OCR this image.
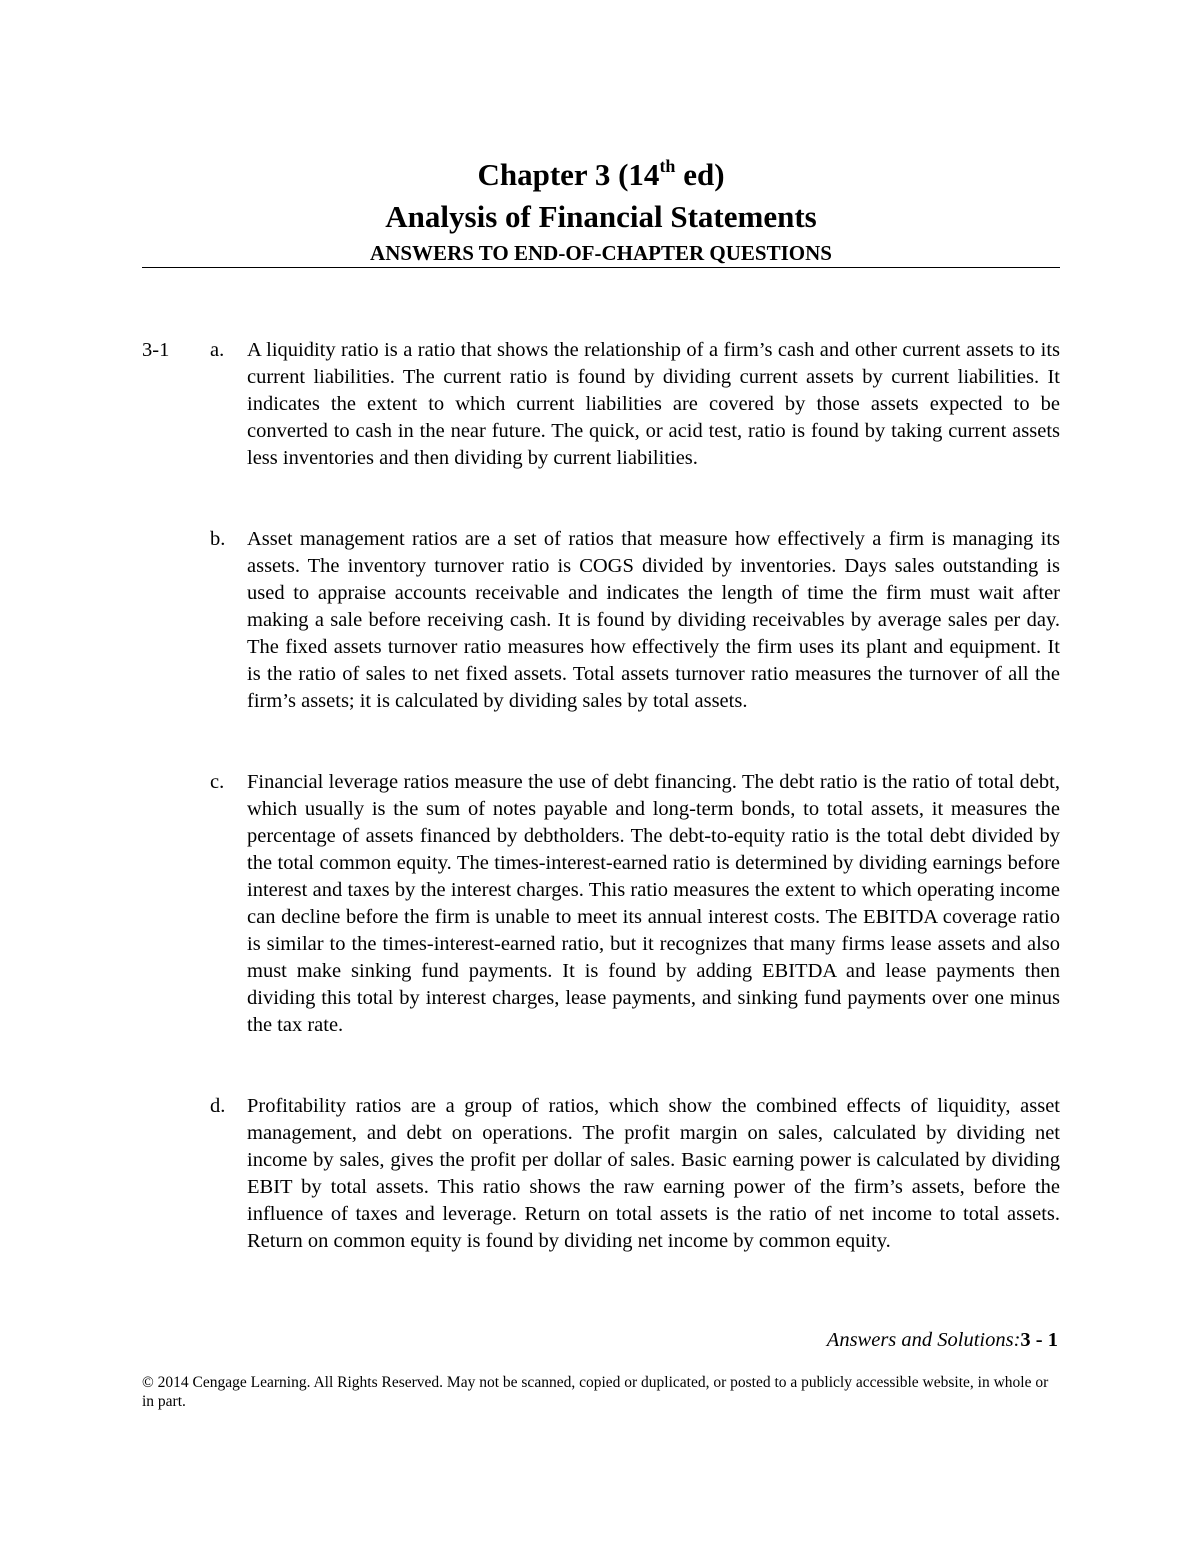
Chapter 3 (14th ed)
Analysis of Financial Statements
ANSWERS TO END-OF-CHAPTER QUESTIONS
3-1 a.	A liquidity ratio is a ratio that shows the relationship of a firm’s cash and other current assets to its current liabilities. The current ratio is found by dividing current assets by current liabilities. It indicates the extent to which current liabilities are covered by those assets expected to be converted to cash in the near future. The quick, or acid test, ratio is found by taking current assets less inventories and then dividing by current liabilities.
b.	Asset management ratios are a set of ratios that measure how effectively a firm is managing its assets. The inventory turnover ratio is COGS divided by inventories. Days sales outstanding is used to appraise accounts receivable and indicates the length of time the firm must wait after making a sale before receiving cash. It is found by dividing receivables by average sales per day. The fixed assets turnover ratio measures how effectively the firm uses its plant and equipment. It is the ratio of sales to net fixed assets. Total assets turnover ratio measures the turnover of all the firm’s assets; it is calculated by dividing sales by total assets.
c.	Financial leverage ratios measure the use of debt financing. The debt ratio is the ratio of total debt, which usually is the sum of notes payable and long-term bonds, to total assets, it measures the percentage of assets financed by debtholders. The debt-to-equity ratio is the total debt divided by the total common equity. The times-interest-earned ratio is determined by dividing earnings before interest and taxes by the interest charges. This ratio measures the extent to which operating income can decline before the firm is unable to meet its annual interest costs. The EBITDA coverage ratio is similar to the times-interest-earned ratio, but it recognizes that many firms lease assets and also must make sinking fund payments. It is found by adding EBITDA and lease payments then dividing this total by interest charges, lease payments, and sinking fund payments over one minus the tax rate.
d.	Profitability ratios are a group of ratios, which show the combined effects of liquidity, asset management, and debt on operations. The profit margin on sales, calculated by dividing net income by sales, gives the profit per dollar of sales. Basic earning power is calculated by dividing EBIT by total assets. This ratio shows the raw earning power of the firm’s assets, before the influence of taxes and leverage. Return on total assets is the ratio of net income to total assets. Return on common equity is found by dividing net income by common equity.
Answers and Solutions:3 - 1
© 2014 Cengage Learning. All Rights Reserved. May not be scanned, copied or duplicated, or posted to a publicly accessible website, in whole or in part.
